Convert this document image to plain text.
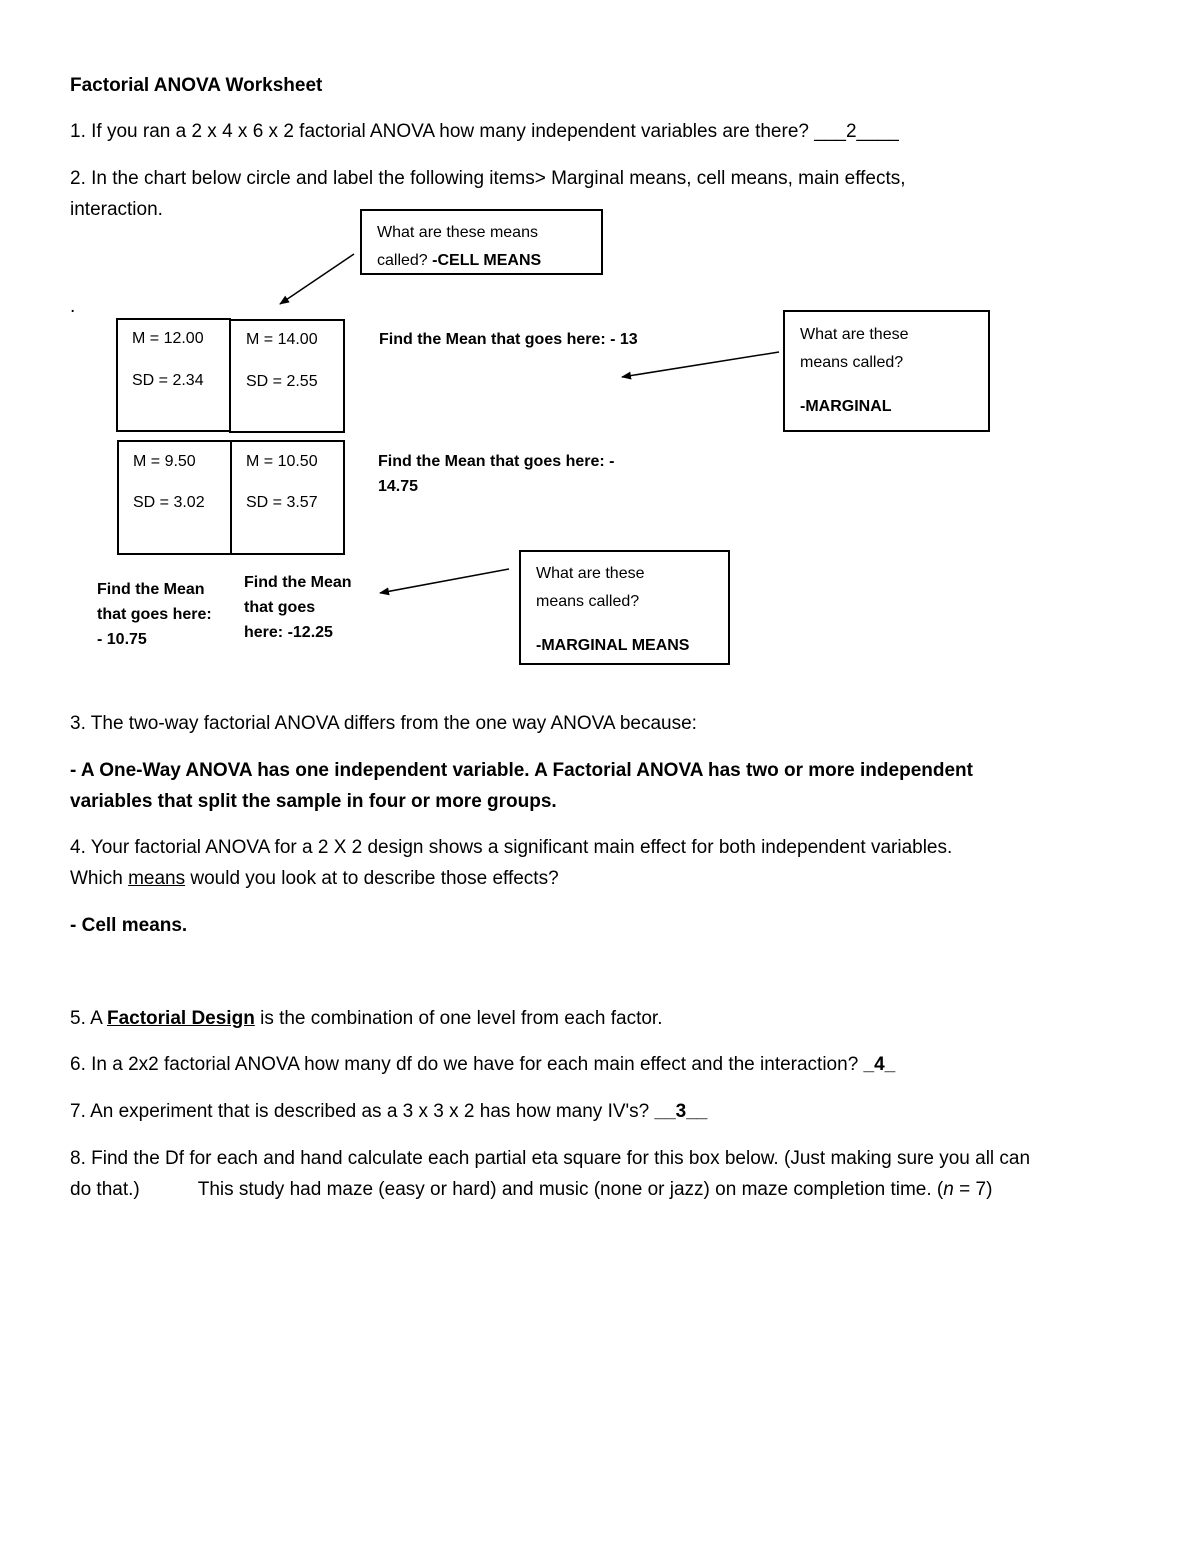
Factorial ANOVA Worksheet
1. If you ran a 2 x 4 x 6 x 2 factorial ANOVA how many independent variables are there? ___2____
2. In the chart below circle and label the following items> Marginal means, cell means, main effects,
interaction.
.
What are these means
called? -CELL MEANS
What are these
means called?
-MARGINAL
What are these
means called?
-MARGINAL MEANS
M = 12.00
SD = 2.34
M = 14.00
SD = 2.55
M = 9.50
SD = 3.02
M = 10.50
SD = 3.57
Find the Mean that goes here: - 13
Find the Mean that goes here: -
14.75
Find the Mean
that goes here:
- 10.75
Find the Mean
that goes
here: -12.25
3. The two-way factorial ANOVA differs from the one way ANOVA because:
- A One-Way ANOVA has one independent variable. A Factorial ANOVA has two or more independent
variables that split the sample in four or more groups.
4. Your factorial ANOVA for a 2 X 2 design shows a significant main effect for both independent variables.
Which means would you look at to describe those effects?
- Cell means.
5. A Factorial Design is the combination of one level from each factor.
6. In a 2x2 factorial ANOVA how many df do we have for each main effect and the interaction? _4_
7. An experiment that is described as a 3 x 3 x 2 has how many IV's? __3__
8. Find the Df for each and hand calculate each partial eta square for this box below. (Just making sure you all can
do that.)	This study had maze (easy or hard) and music (none or jazz) on maze completion time. (n = 7)
